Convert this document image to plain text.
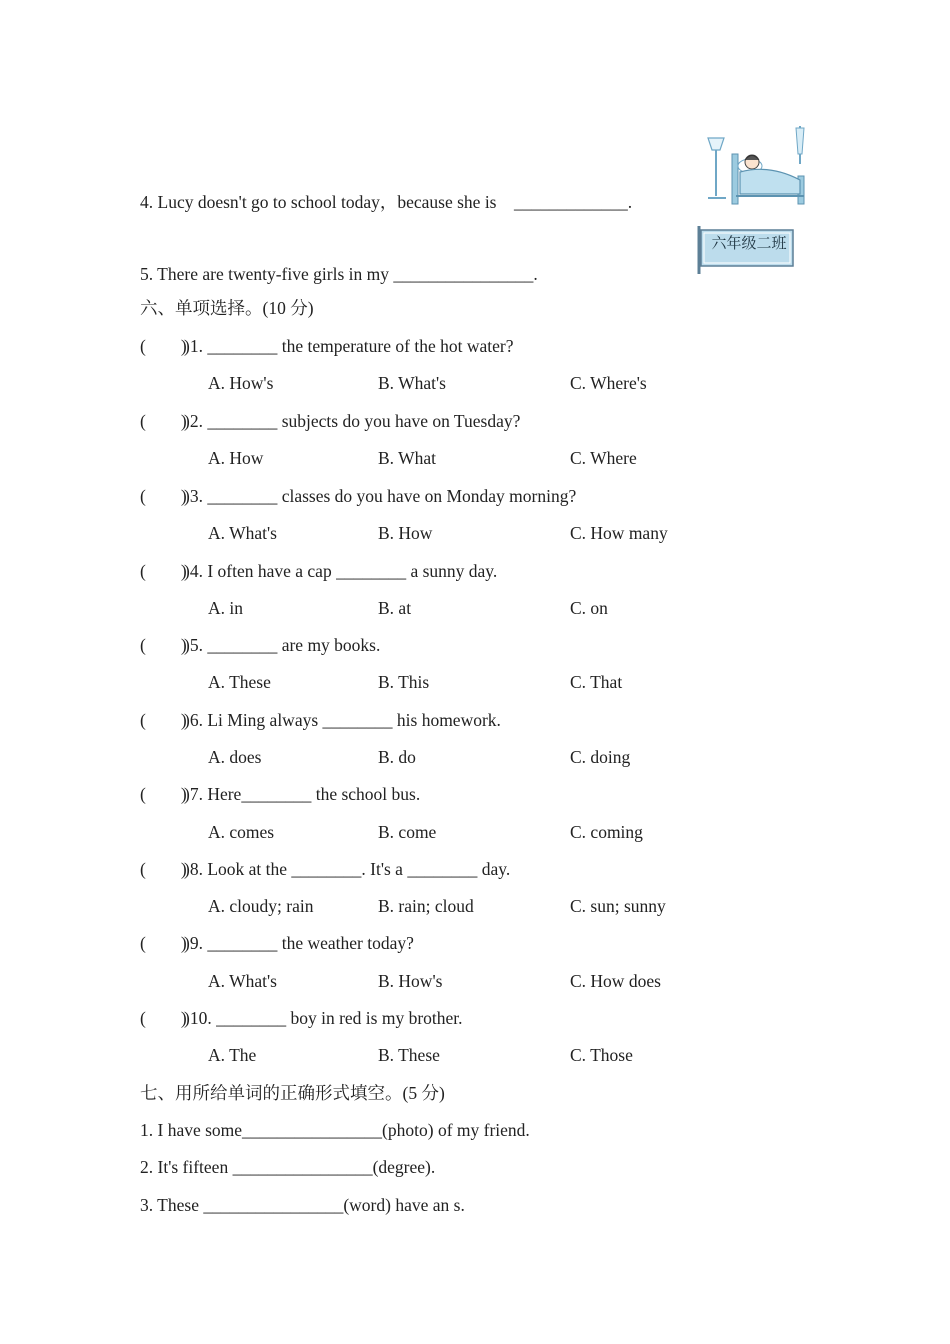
六年级二班
4. Lucy doesn't go to school today，because she is    _____________.
5. There are twenty-five girls in my ________________.
六、单项选择。(10 分)
(        )
)1. ________ the temperature of the hot water?
A. How's	B. What's	C. Where's
(        )
)2. ________ subjects do you have on Tuesday?
A. How	B. What	C. Where
(        )
)3. ________ classes do you have on Monday morning?
A. What's	B. How	C. How many
(        )
)4. I often have a cap ________ a sunny day.
A. in	B. at	C. on
(        )
)5. ________ are my books.
A. These	B. This	C. That
(        )
)6. Li Ming always ________ his homework.
A. does	B. do	C. doing
(        )
)7. Here________ the school bus.
A. comes	B. come	C. coming
(        )
)8. Look at the ________. It's a ________ day.
A. cloudy; rain	B. rain; cloud	C. sun; sunny
(        )
)9. ________ the weather today?
A. What's	B. How's	C. How does
(        )
)10. ________ boy in red is my brother.
A. The	B. These	C. Those
七、用所给单词的正确形式填空。(5 分)
1. I have some________________(photo) of my friend.
2. It's fifteen ________________(degree).
3. These ________________(word) have an s.
